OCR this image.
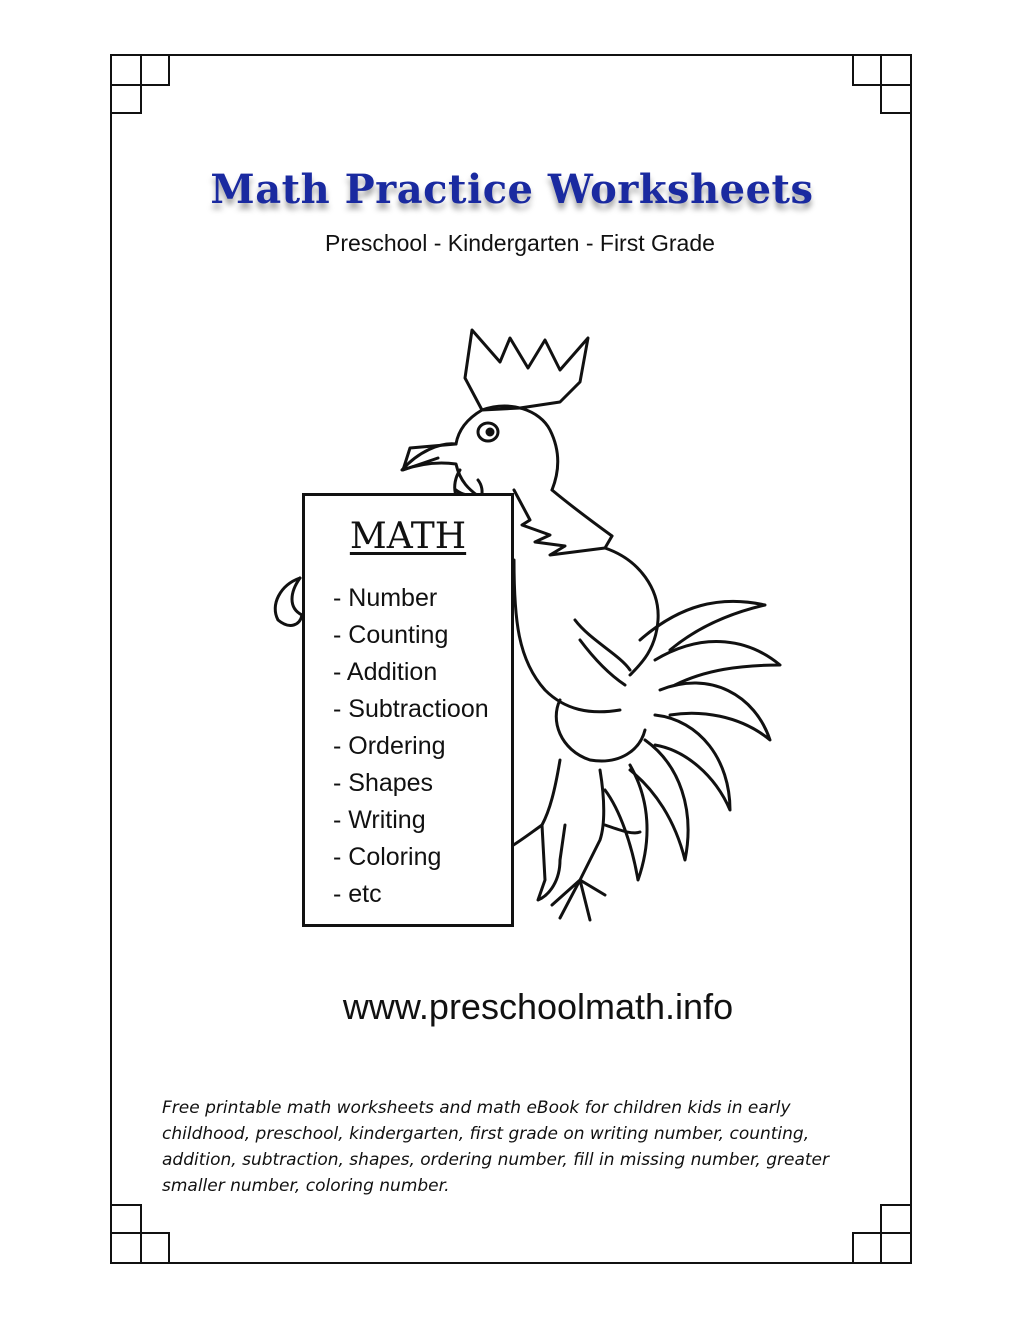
Math Practice Worksheets
Preschool - Kindergarten - First Grade
MATH
- Number
- Counting
- Addition
- Subtractioon
- Ordering
- Shapes
- Writing
- Coloring
- etc
www.preschoolmath.info
Free printable math worksheets and math eBook for children kids in early childhood, preschool, kindergarten, first grade on writing number, counting, addition, subtraction, shapes, ordering number, fill in missing number, greater smaller number, coloring number.
